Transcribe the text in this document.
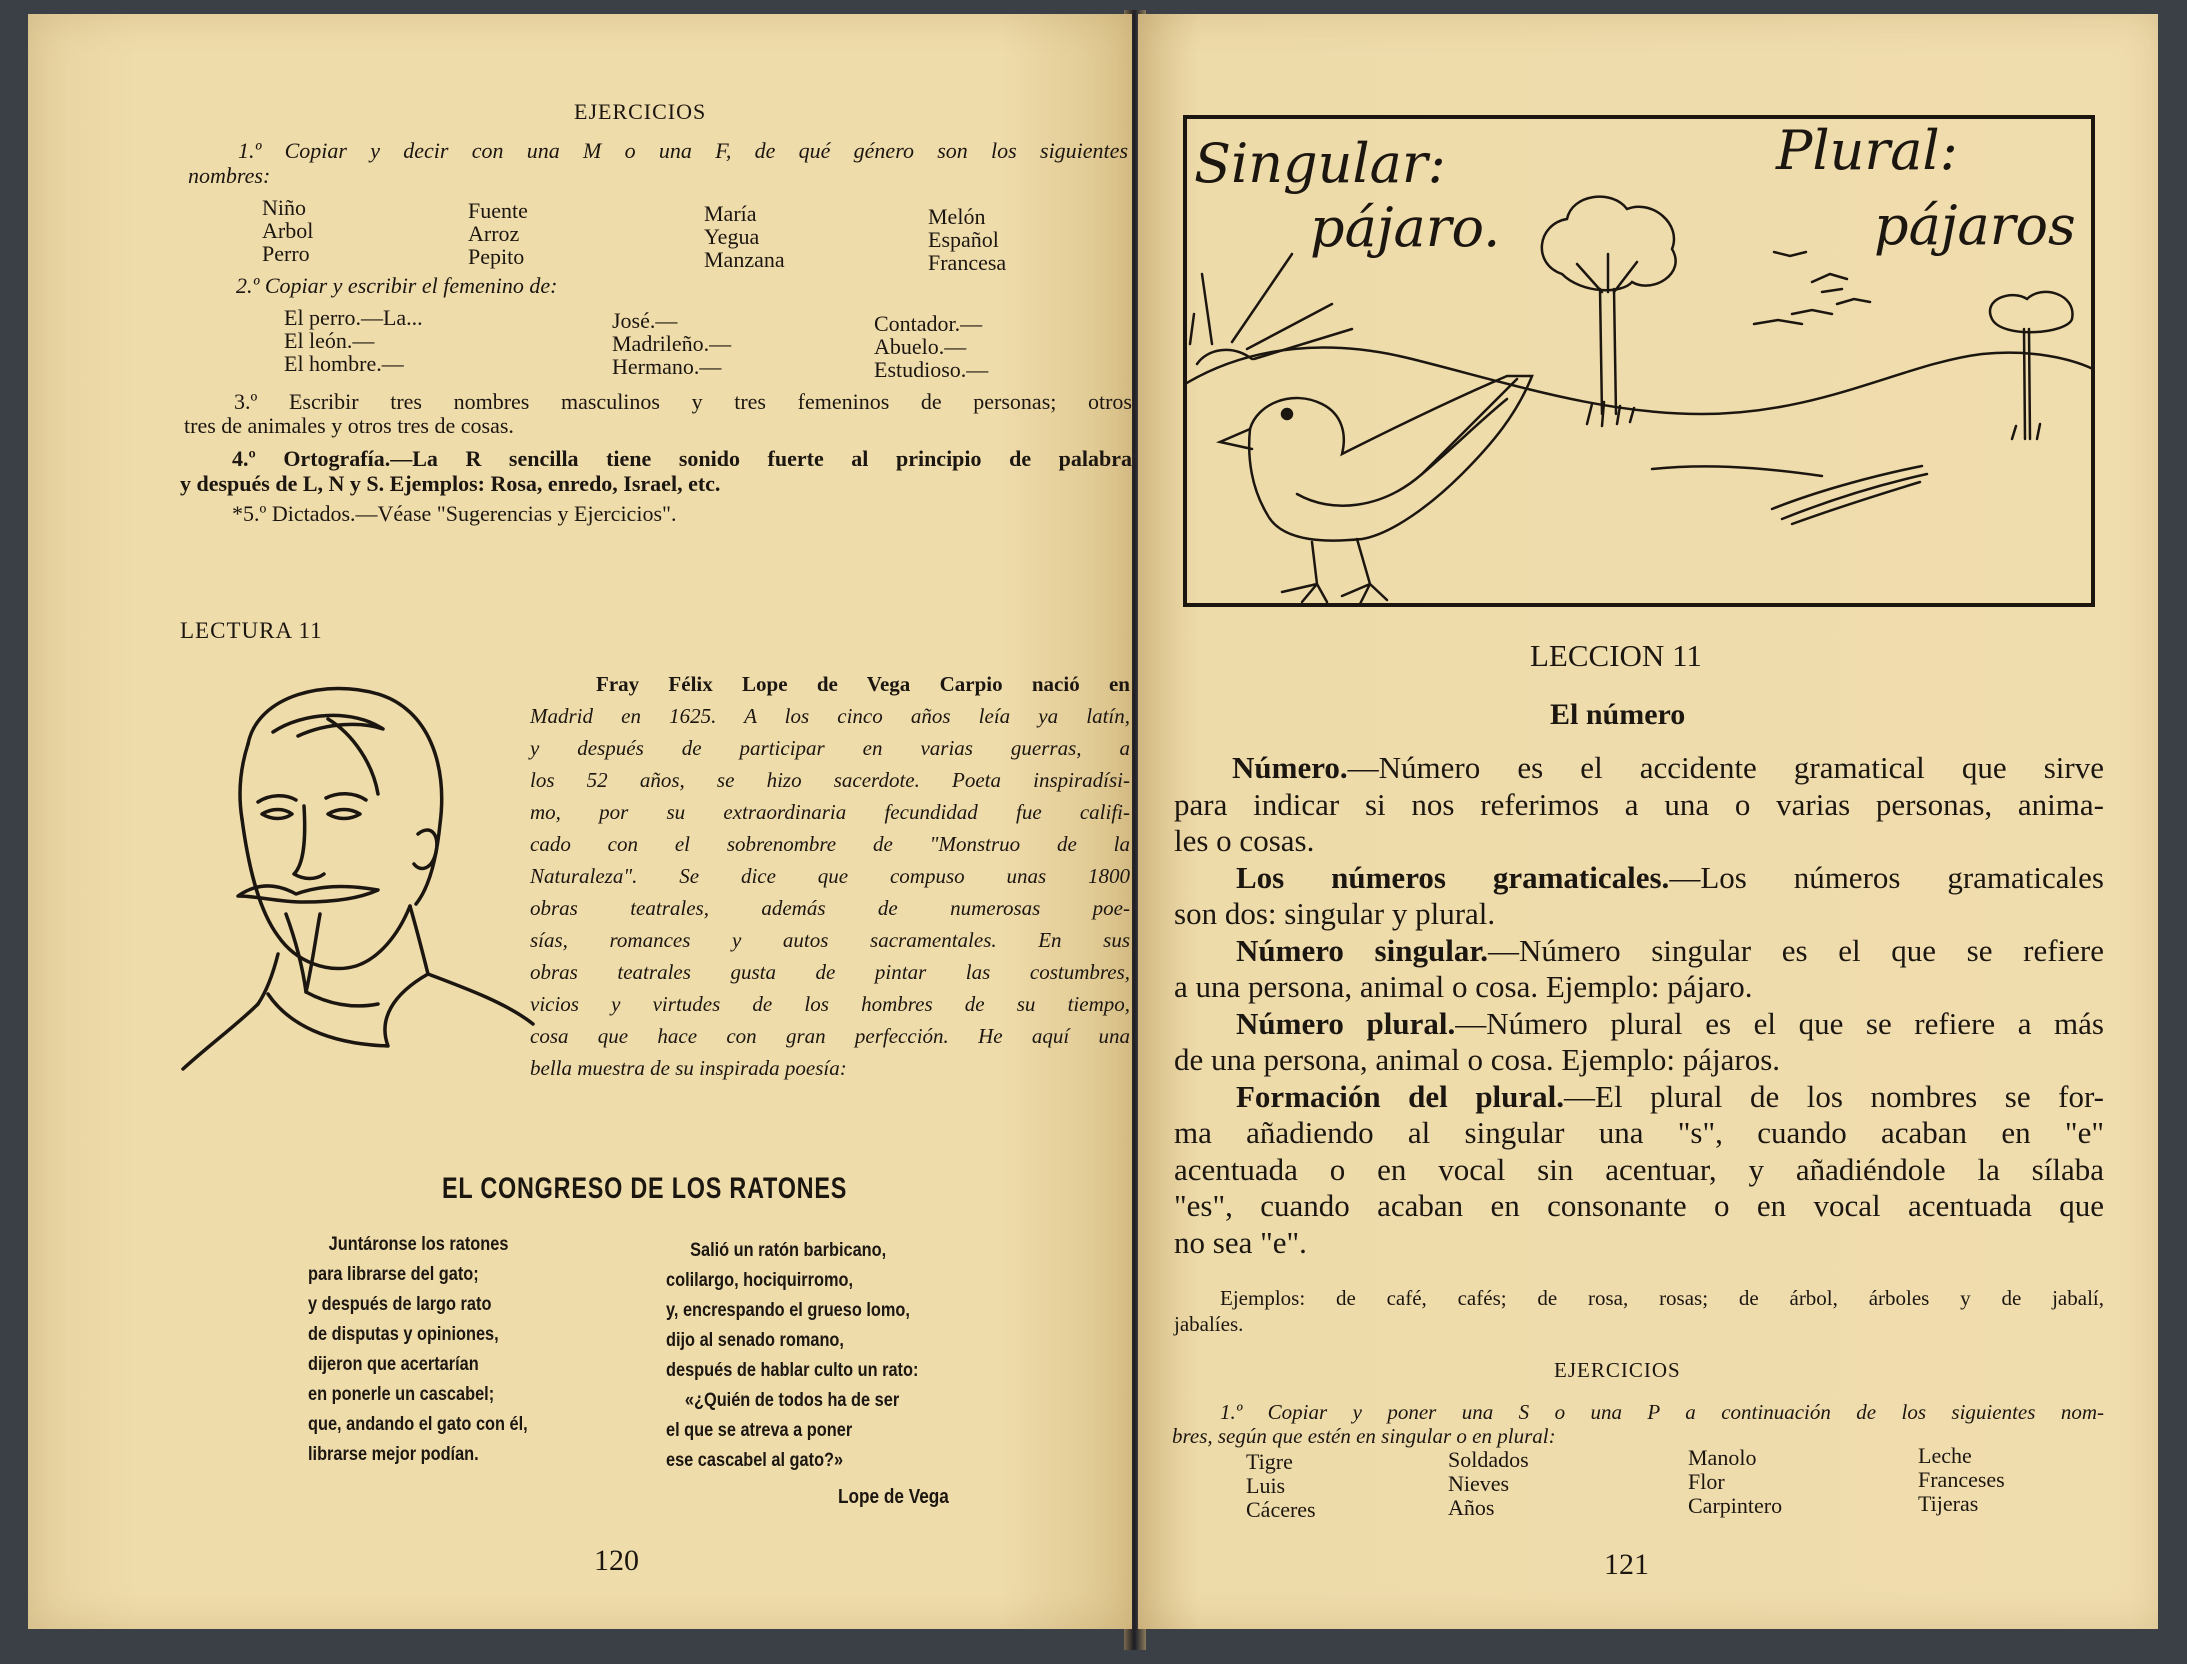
EJERCICIOS
1.º Copiar y decir con una M o una F, de qué género son los siguientes
nombres:
Niño
Arbol
Perro
Fuente
Arroz
Pepito
María
Yegua
Manzana
Melón
Español
Francesa
2.º Copiar y escribir el femenino de:
El perro.—La...
El león.—
El hombre.—
José.—
Madrileño.—
Hermano.—
Contador.—
Abuelo.—
Estudioso.—
3.º Escribir tres nombres masculinos y tres femeninos de personas; otros
tres de animales y otros tres de cosas.
4.º Ortografía.—La R sencilla tiene sonido fuerte al principio de palabra
y después de L, N y S. Ejemplos: Rosa, enredo, Israel, etc.
*5.º Dictados.—Véase "Sugerencias y Ejercicios".
LECTURA 11
Fray Félix Lope de Vega Carpio nació en
Madrid en 1625. A los cinco años leía ya latín,
y después de participar en varias guerras, a
los 52 años, se hizo sacerdote. Poeta inspiradísi-
mo, por su extraordinaria fecundidad fue califi-
cado con el sobrenombre de "Monstruo de la
Naturaleza". Se dice que compuso unas 1800
obras teatrales, además de numerosas poe-
sías, romances y autos sacramentales. En sus
obras teatrales gusta de pintar las costumbres,
vicios y virtudes de los hombres de su tiempo,
cosa que hace con gran perfección. He aquí una
bella muestra de su inspirada poesía:
EL CONGRESO DE LOS RATONES
Juntáronse los ratones
para librarse del gato;
y después de largo rato
de disputas y opiniones,
dijeron que acertarían
en ponerle un cascabel;
que, andando el gato con él,
librarse mejor podían.
Salió un ratón barbicano,
colilargo, hociquirromo,
y, encrespando el grueso lomo,
dijo al senado romano,
después de hablar culto un rato:
«¿Quién de todos ha de ser
el que se atreva a poner
ese cascabel al gato?»
Lope de Vega
120
Singular:
pájaro.
Plural:
pájaros
LECCION 11
El número
Número.—Número es el accidente gramatical que sirve
para indicar si nos referimos a una o varias personas, anima-
les o cosas.
Los números gramaticales.—Los números gramaticales
son dos: singular y plural.
Número singular.—Número singular es el que se refiere
a una persona, animal o cosa. Ejemplo: pájaro.
Número plural.—Número plural es el que se refiere a más
de una persona, animal o cosa. Ejemplo: pájaros.
Formación del plural.—El plural de los nombres se for-
ma añadiendo al singular una "s", cuando acaban en "e"
acentuada o en vocal sin acentuar, y añadiéndole la sílaba
"es", cuando acaban en consonante o en vocal acentuada que
no sea "e".
Ejemplos: de café, cafés; de rosa, rosas; de árbol, árboles y de jabalí,
jabalíes.
EJERCICIOS
1.º Copiar y poner una S o una P a continuación de los siguientes nom-
bres, según que estén en singular o en plural:
Tigre
Luis
Cáceres
Soldados
Nieves
Años
Manolo
Flor
Carpintero
Leche
Franceses
Tijeras
121
